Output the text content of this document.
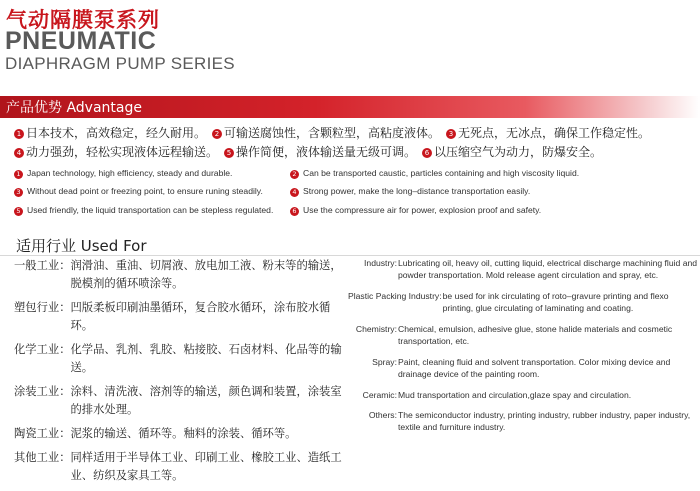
气动隔膜泵系列
PNEUMATIC
DIAPHRAGM PUMP SERIES
产品优势 Advantage
1 日本技术，高效稳定，经久耐用。 2 可输送腐蚀性，含颗粒型，高粘度液体。 3 无死点，无冰点，确保工作稳定性。
4 动力强劲，轻松实现液体远程输送。 5 操作简便，液体输送量无级可调。 6 以压缩空气为动力，防爆安全。
1 Japan technology, high efficiency, steady and durable.	2 Can be transported caustic, particles containing and high viscosity liquid.
3 Without dead point or freezing point, to ensure runing steadily.	4 Strong power, make the long–distance transportation easily.
5 Used friendly, the liquid transportation can be stepless regulated.	6 Use the compressure air for power, explosion proof and safety.
适用行业 Used For
一般工业： 润滑油、重油、切屑液、放电加工液、粉末等的输送，脱模剂的循环喷涂等。
塑包行业： 凹版柔板印刷油墨循环，复合胶水循环，涂布胶水循环。
化学工业： 化学品、乳剂、乳胶、粘接胶、石卤材料、化品等的输送。
涂装工业： 涂料、清洗液、溶剂等的输送，颜色调和装置，涂装室的排水处理。
陶瓷工业： 泥浆的输送、循环等。釉料的涂装、循环等。
其他工业： 同样适用于半导体工业、印刷工业、橡胶工业、造纸工业、纺织及家具工等。
Industry: Lubricating oil, heavy oil, cutting liquid, electrical discharge machining fluid and powder transportation. Mold release agent circulation and spray, etc.
Plastic Packing Industry: be used for ink circulating of roto–gravure printing and flexo printing, glue circulating of laminating and coating.
Chemistry: Chemical, emulsion, adhesive glue, stone halide materials and cosmetic transportation, etc.
Spray: Paint, cleaning fluid and solvent transportation. Color mixing device and drainage device of the painting room.
Ceramic: Mud transportation and circulation,glaze spay and circulation.
Others: The semiconductor industry, printing industry, rubber industry, paper industry, textile and furniture industry.
